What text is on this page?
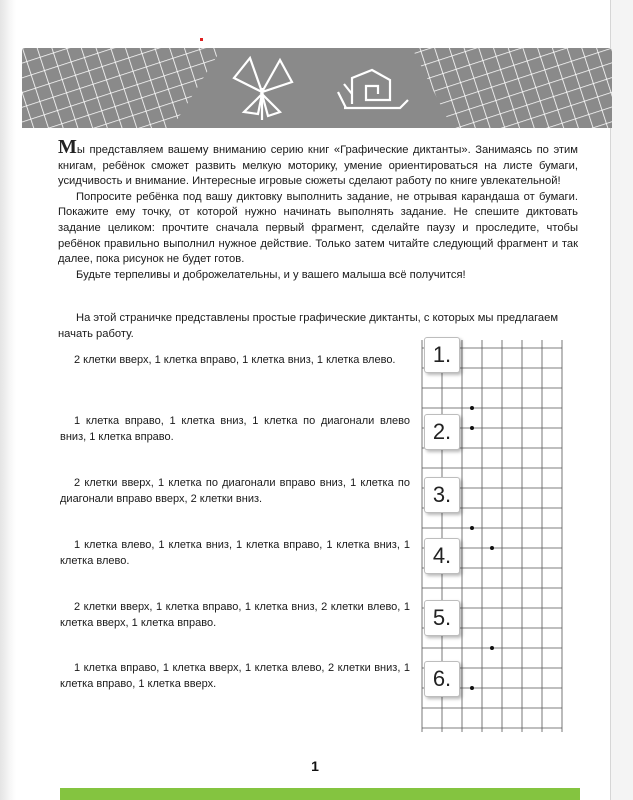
Мы представляем вашему вниманию серию книг «Графические диктанты». Занимаясь по этим книгам, ребёнок сможет развить мелкую моторику, умение ориентироваться на листе бумаги, усидчивость и внимание. Интересные игровые сюжеты сделают работу по книге увлекательной!

Попросите ребёнка под вашу диктовку выполнить задание, не отрывая карандаша от бумаги. Покажите ему точку, от которой нужно начинать выполнять задание. Не спешите диктовать задание целиком: прочтите сначала первый фрагмент, сделайте паузу и проследите, чтобы ребёнок правильно выполнил нужное действие. Только затем читайте следующий фрагмент и так далее, пока рисунок не будет готов.

Будьте терпеливы и доброжелательны, и у вашего малыша всё получится!

На этой страничке представлены простые графические диктанты, с которых мы предлагаем начать работу.

2 клетки вверх, 1 клетка вправо, 1 клетка вниз, 1 клетка влево.

1 клетка вправо, 1 клетка вниз, 1 клетка по диагонали влево вниз, 1 клетка вправо.

2 клетки вверх, 1 клетка по диагонали вправо вниз, 1 клетка по диагонали вправо вверх, 2 клетки вниз.

1 клетка влево, 1 клетка вниз, 1 клетка вправо, 1 клетка вниз, 1 клетка влево.

2 клетки вверх, 1 клетка вправо, 1 клетка вниз, 2 клетки влево, 1 клетка вверх, 1 клетка вправо.

1 клетка вправо, 1 клетка вверх, 1 клетка влево, 2 клетки вниз, 1 клетка вправо, 1 клетка вверх.

1.
2.
3.
4.
5.
6.
1
